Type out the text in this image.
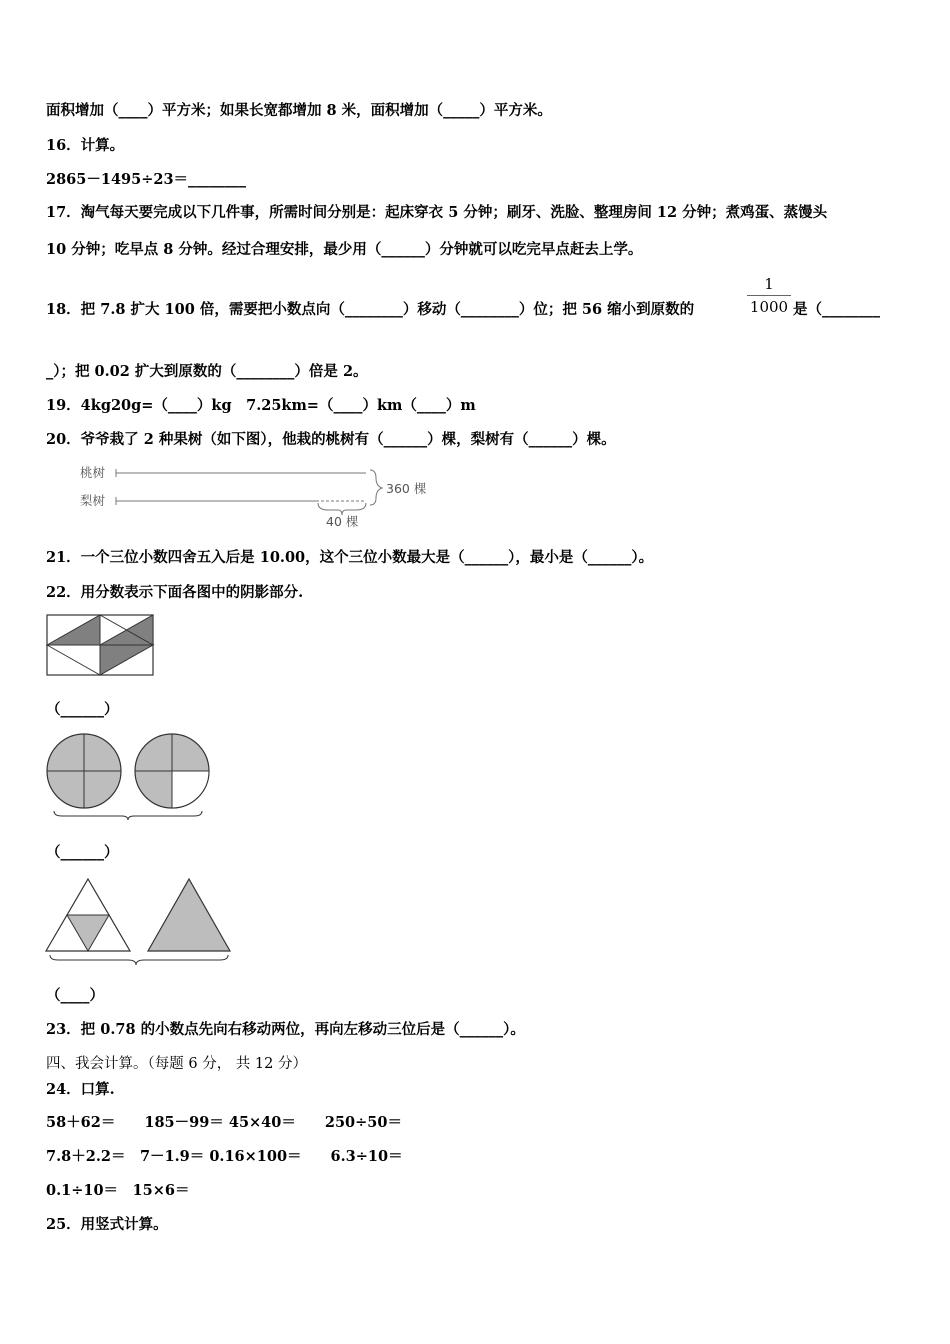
面积增加（____）平方米；如果长宽都增加 8 米，面积增加（_____）平方米。
16．计算。
2865－1495÷23＝________
17．淘气每天要完成以下几件事，所需时间分别是：起床穿衣 5 分钟；刷牙、洗脸、整理房间 12 分钟；煮鸡蛋、蒸馒头
10 分钟；吃早点 8 分钟。经过合理安排，最少用（______）分钟就可以吃完早点赶去上学。
18．把 7.8 扩大 100 倍，需要把小数点向（________）移动（________）位；把 56 缩小到原数的
1
1000 是（________
_）；把 0.02 扩大到原数的（________）倍是 2。
19．4kg20g=（____）kg　7.25km=（____）km（____）m
20．爷爷栽了 2 种果树（如下图），他栽的桃树有（______）棵，梨树有（______）棵。
桃树
梨树
360 棵
40 棵
21．一个三位小数四舍五入后是 10.00，这个三位小数最大是（______），最小是（______）。
22．用分数表示下面各图中的阴影部分.
（______）
（______）
（____）
23．把 0.78 的小数点先向右移动两位，再向左移动三位后是（______）。
四、我会计算。（每题 6 分， 共 12 分）
24．口算.
58＋62＝　　185－99＝ 45×40＝　　250÷50＝
7.8＋2.2＝　7－1.9＝ 0.16×100＝　　6.3÷10＝
0.1÷10＝　15×6＝
25．用竖式计算。
